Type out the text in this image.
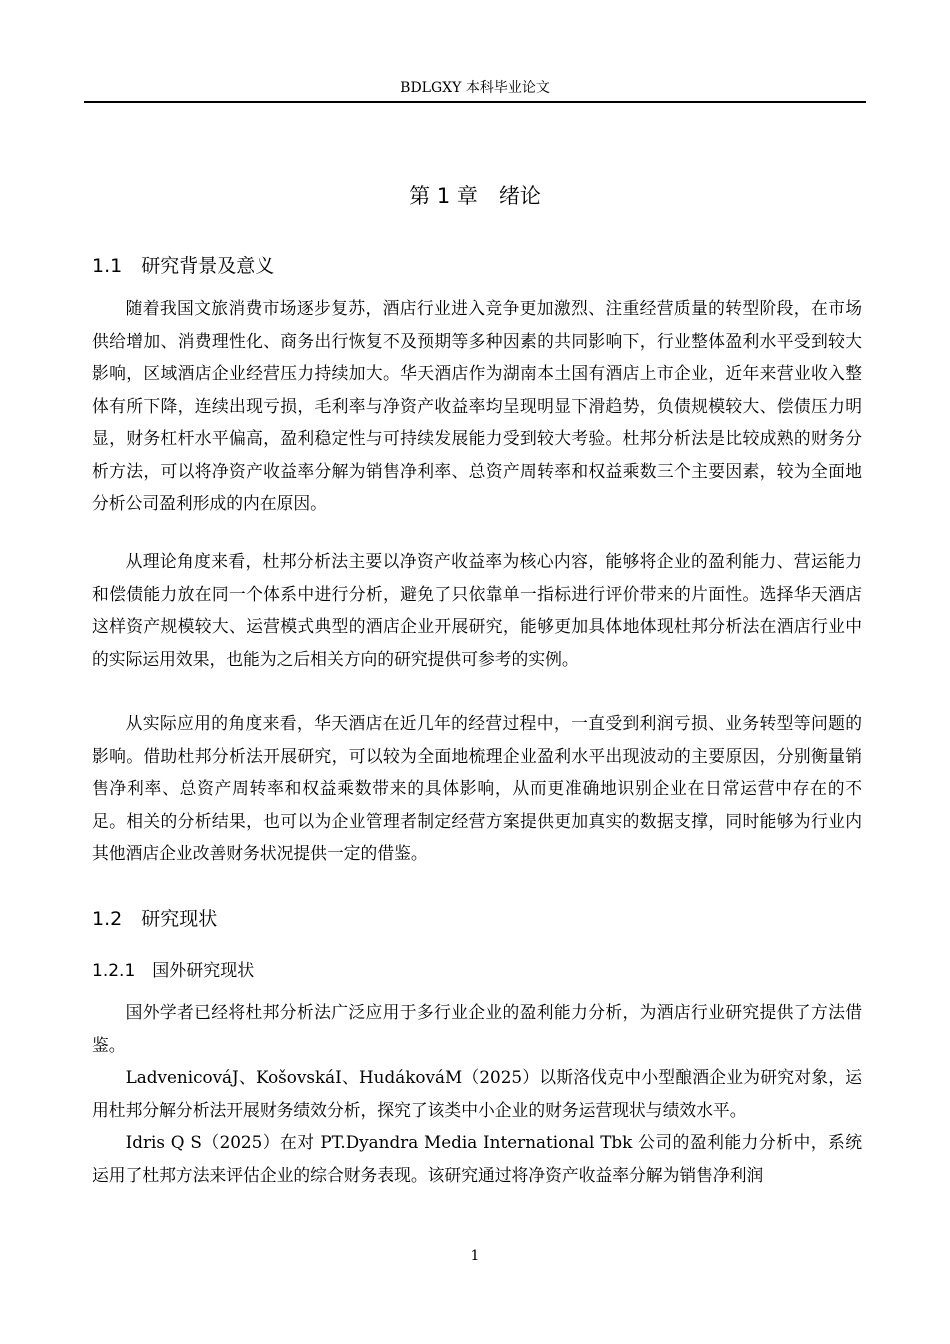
BDLGXY 本科毕业论文
第 1 章　绪论
1.1　研究背景及意义

随着我国文旅消费市场逐步复苏，酒店行业进入竞争更加激烈、注重经营质量的转型阶段，在市场供给增加、消费理性化、商务出行恢复不及预期等多种因素的共同影响下，行业整体盈利水平受到较大影响，区域酒店企业经营压力持续加大。华天酒店作为湖南本土国有酒店上市企业，近年来营业收入整体有所下降，连续出现亏损，毛利率与净资产收益率均呈现明显下滑趋势，负债规模较大、偿债压力明显，财务杠杆水平偏高，盈利稳定性与可持续发展能力受到较大考验。杜邦分析法是比较成熟的财务分析方法，可以将净资产收益率分解为销售净利率、总资产周转率和权益乘数三个主要因素，较为全面地分析公司盈利形成的内在原因。

从理论角度来看，杜邦分析法主要以净资产收益率为核心内容，能够将企业的盈利能力、营运能力和偿债能力放在同一个体系中进行分析，避免了只依靠单一指标进行评价带来的片面性。选择华天酒店这样资产规模较大、运营模式典型的酒店企业开展研究，能够更加具体地体现杜邦分析法在酒店行业中的实际运用效果，也能为之后相关方向的研究提供可参考的实例。

从实际应用的角度来看，华天酒店在近几年的经营过程中，一直受到利润亏损、业务转型等问题的影响。借助杜邦分析法开展研究，可以较为全面地梳理企业盈利水平出现波动的主要原因，分别衡量销售净利率、总资产周转率和权益乘数带来的具体影响，从而更准确地识别企业在日常运营中存在的不足。相关的分析结果，也可以为企业管理者制定经营方案提供更加真实的数据支撑，同时能够为行业内其他酒店企业改善财务状况提供一定的借鉴。

1.2　研究现状
1.2.1　国外研究现状

国外学者已经将杜邦分析法广泛应用于多行业企业的盈利能力分析，为酒店行业研究提供了方法借鉴。

LadvenicováJ、KošovskáI、HudákováM（2025）以斯洛伐克中小型酿酒企业为研究对象，运用杜邦分解分析法开展财务绩效分析，探究了该类中小企业的财务运营现状与绩效水平。

Idris Q S（2025）在对 PT.Dyandra Media International Tbk 公司的盈利能力分析中，系统运用了杜邦方法来评估企业的综合财务表现。该研究通过将净资产收益率分解为销售净利润

1
